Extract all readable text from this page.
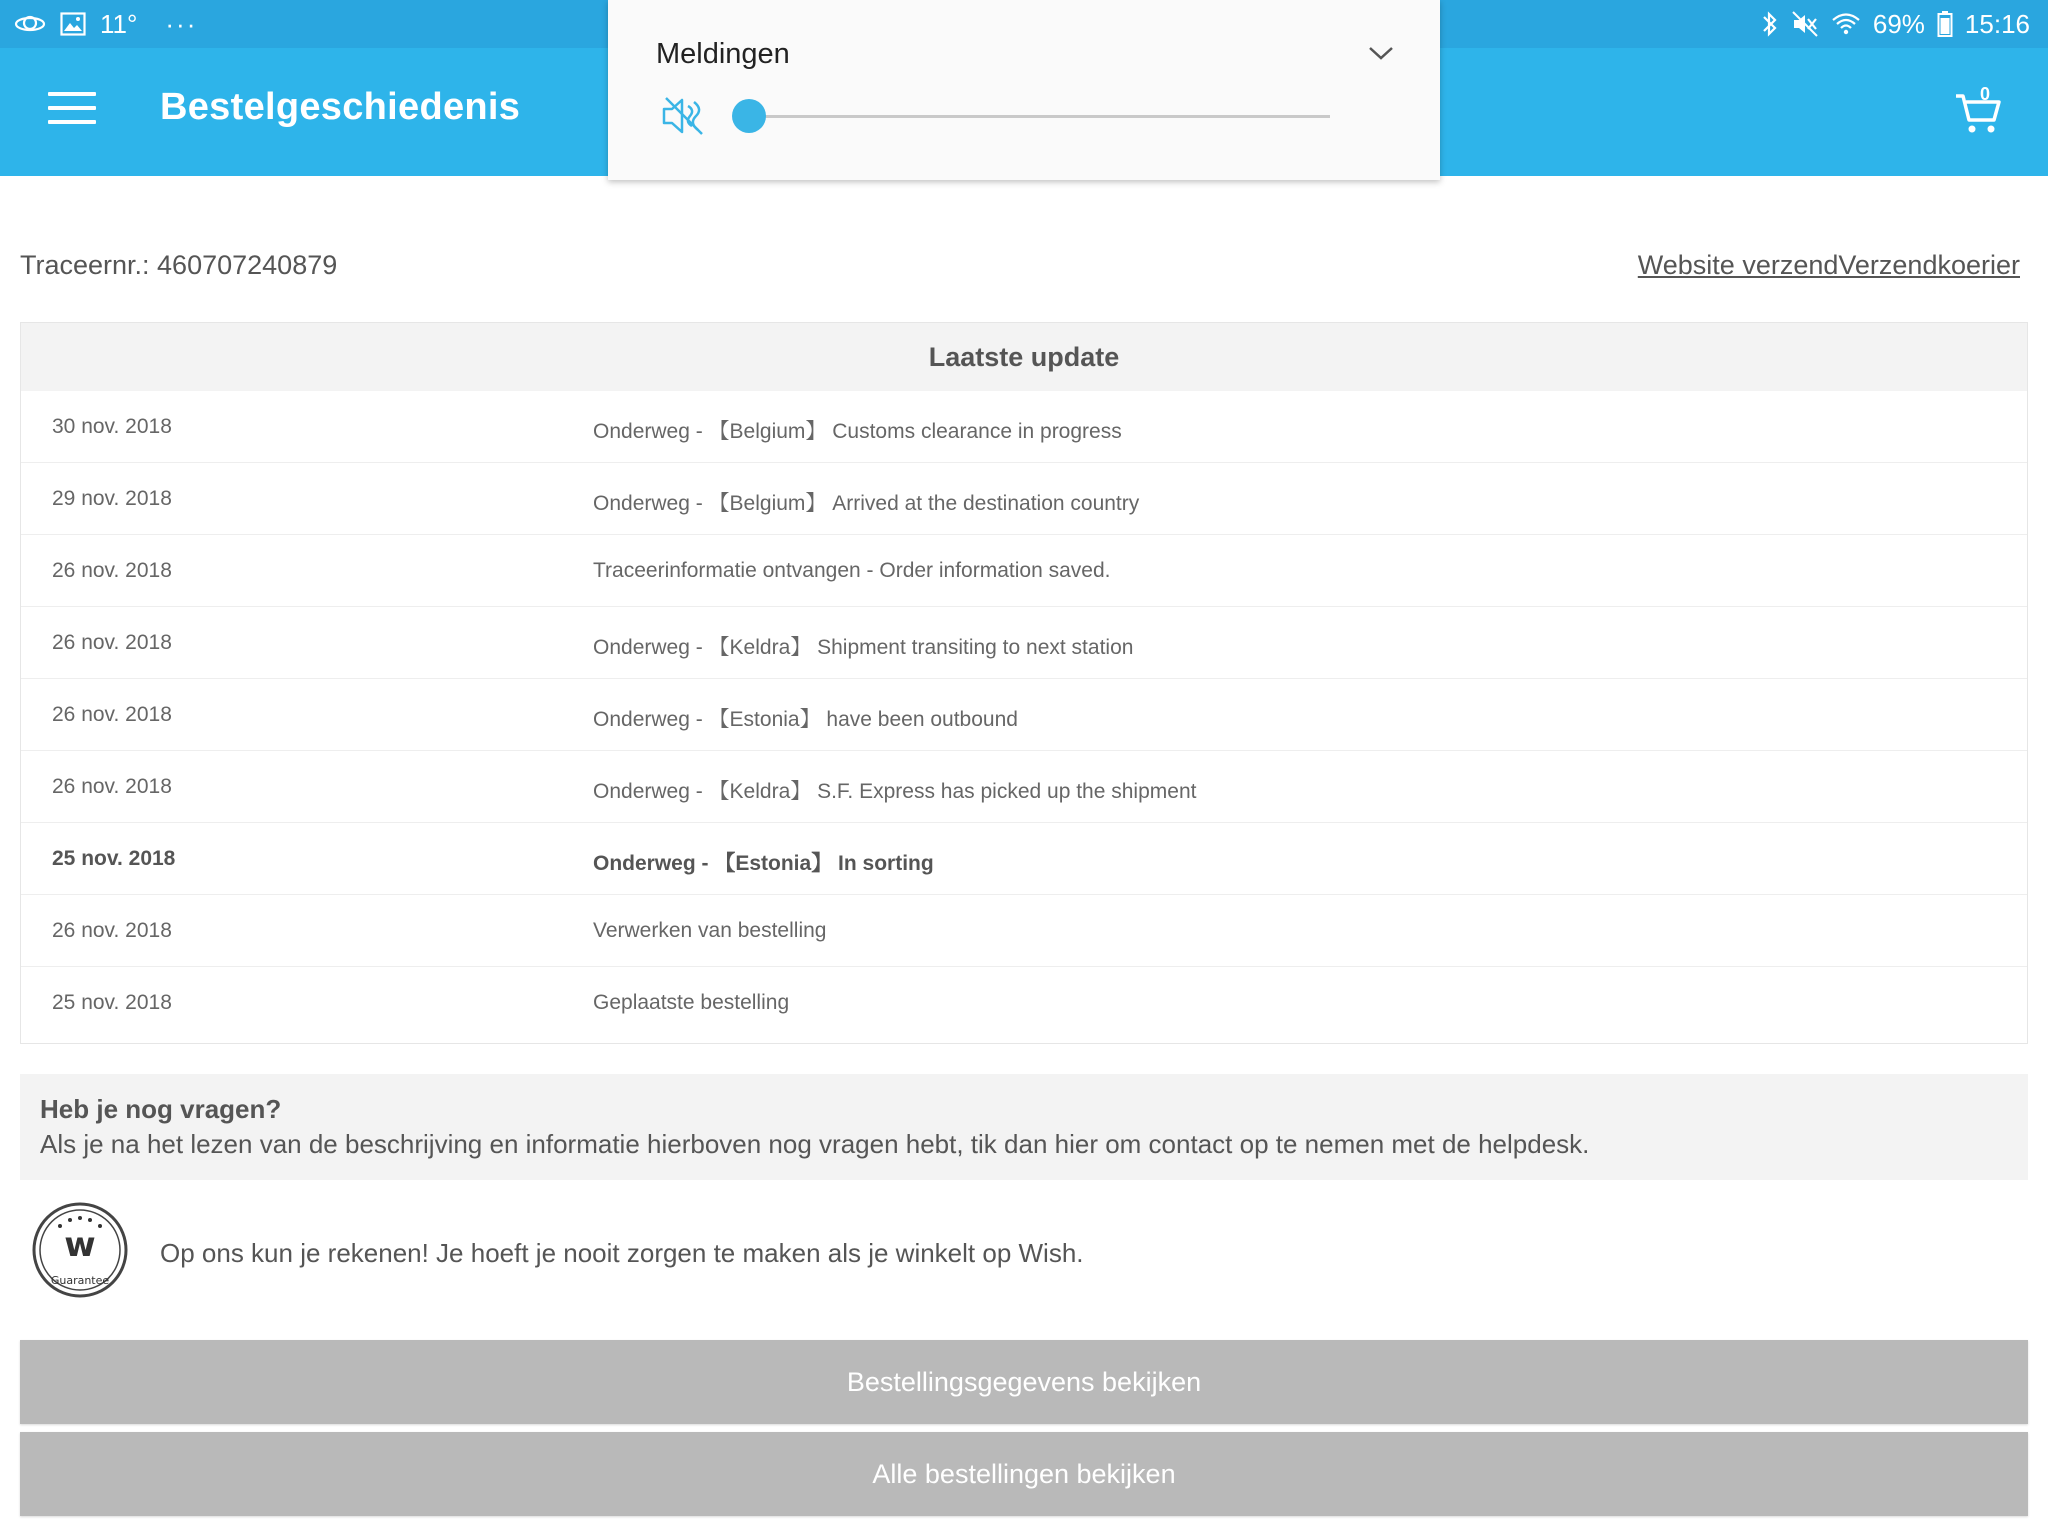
11° ···	69% 15:16
Bestelgeschiedenis	0
Meldingen
Traceernr.: 460707240879	Website verzendVerzendkoerier
Laatste update
30 nov. 2018	Onderweg - 【Belgium】 Customs clearance in progress
29 nov. 2018	Onderweg - 【Belgium】 Arrived at the destination country
26 nov. 2018	Traceerinformatie ontvangen - Order information saved.
26 nov. 2018	Onderweg - 【Keldra】 Shipment transiting to next station
26 nov. 2018	Onderweg - 【Estonia】 have been outbound
26 nov. 2018	Onderweg - 【Keldra】 S.F. Express has picked up the shipment
25 nov. 2018	Onderweg - 【Estonia】 In sorting
26 nov. 2018	Verwerken van bestelling
25 nov. 2018	Geplaatste bestelling
Heb je nog vragen?
Als je na het lezen van de beschrijving en informatie hierboven nog vragen hebt, tik dan hier om contact op te nemen met de helpdesk.
w
Guarantee
Op ons kun je rekenen! Je hoeft je nooit zorgen te maken als je winkelt op Wish.
Bestellingsgegevens bekijken
Alle bestellingen bekijken
